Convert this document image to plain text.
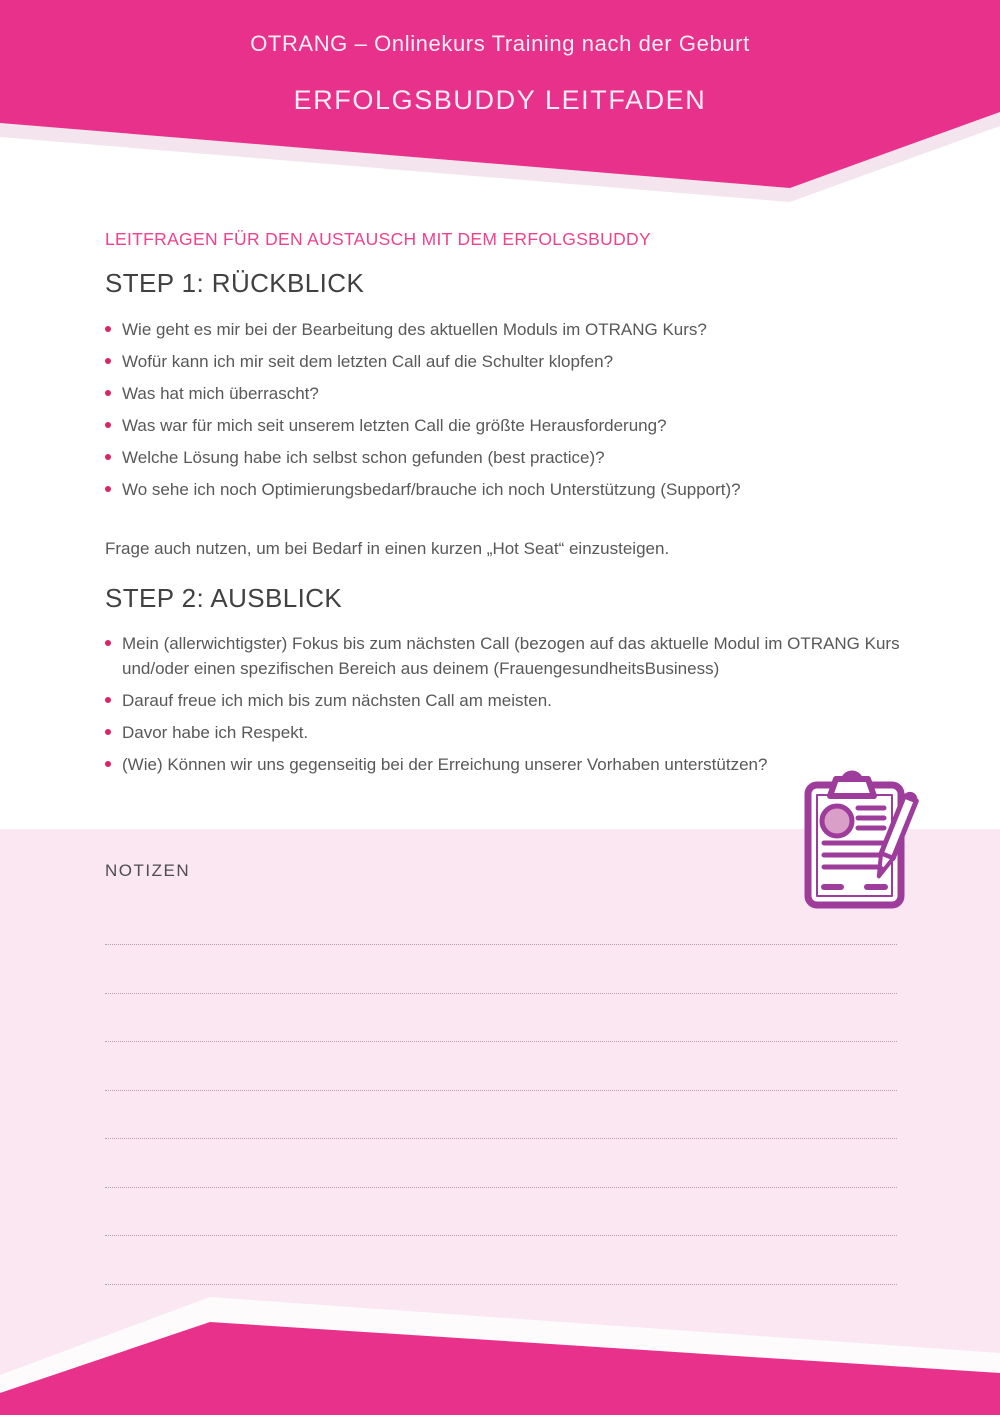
OTRANG – Onlinekurs Training nach der Geburt
ERFOLGSBUDDY LEITFADEN
LEITFRAGEN FÜR DEN AUSTAUSCH MIT DEM ERFOLGSBUDDY
STEP 1: RÜCKBLICK
Wie geht es mir bei der Bearbeitung des aktuellen Moduls im OTRANG Kurs?
Wofür kann ich mir seit dem letzten Call auf die Schulter klopfen?
Was hat mich überrascht?
Was war für mich seit unserem letzten Call die größte Herausforderung?
Welche Lösung habe ich selbst schon gefunden (best practice)?
Wo sehe ich noch Optimierungsbedarf/brauche ich noch Unterstützung (Support)?

Frage auch nutzen, um bei Bedarf in einen kurzen „Hot Seat“ einzusteigen.

STEP 2: AUSBLICK
Mein (allerwichtigster) Fokus bis zum nächsten Call (bezogen auf das aktuelle Modul im OTRANG Kurs und/oder einen spezifischen Bereich aus deinem (FrauengesundheitsBusiness)
Darauf freue ich mich bis zum nächsten Call am meisten.
Davor habe ich Respekt.
(Wie) Können wir uns gegenseitig bei der Erreichung unserer Vorhaben unterstützen?
NOTIZEN
